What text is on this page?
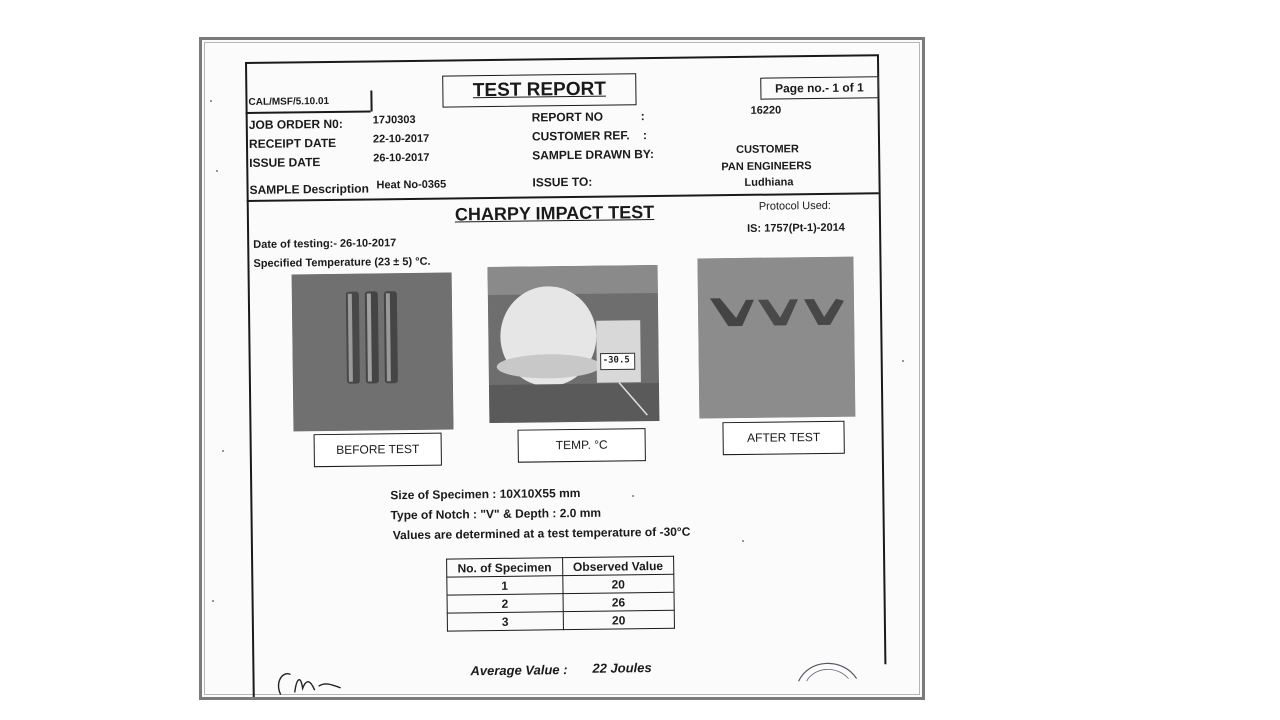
CAL/MSF/5.10.01
TEST REPORT	Page no.- 1 of 1
JOB ORDER N0:	17J0303
RECEIPT DATE	22-10-2017
ISSUE DATE	26-10-2017
SAMPLE Description Heat No-0365
REPORT NO	:	16220
CUSTOMER REF. :
SAMPLE DRAWN BY:	CUSTOMER
ISSUE TO:
PAN ENGINEERS
Ludhiana
CHARPY IMPACT TEST	Protocol Used:
IS: 1757(Pt-1)-2014
Date of testing:- 26-10-2017
Specified Temperature (23 ± 5) °C.
BEFORE TEST
-30.5
TEMP. °C
AFTER TEST
Size of Specimen : 10X10X55 mm
Type of Notch : "V" & Depth : 2.0 mm
Values are determined at a test temperature of -30°C
No. of Specimen	Observed Value
1	20
2	26
3	20
Average Value : 22 Joules
